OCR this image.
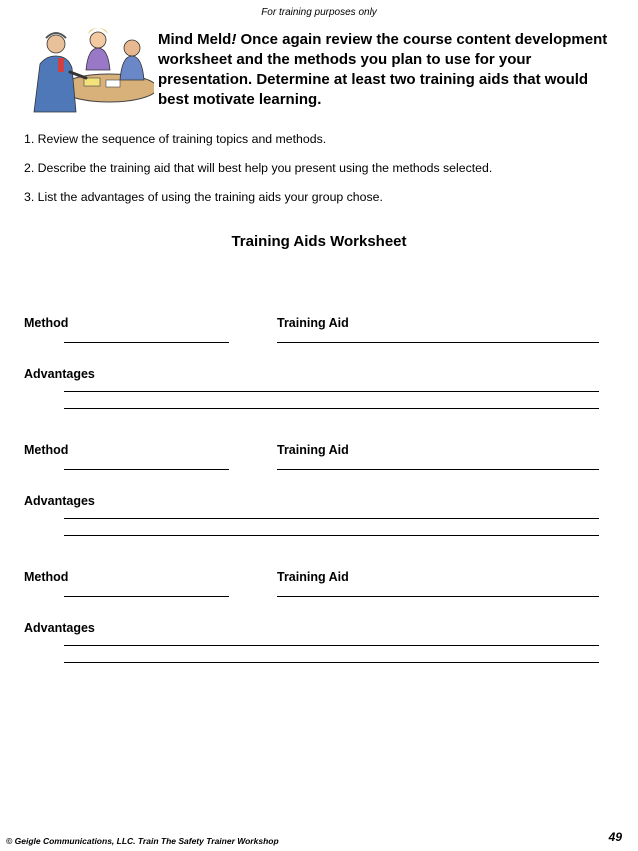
For training purposes only
Mind Meld! Once again review the course content development worksheet and the methods you plan to use for your presentation. Determine at least two training aids that would best motivate learning.
1. Review the sequence of training topics and methods.
2. Describe the training aid that will best help you present using the methods selected.
3. List the advantages of using the training aids your group chose.
Training Aids Worksheet
Method	Training Aid
Advantages
Method	Training Aid
Advantages
Method	Training Aid
Advantages
© Geigle Communications, LLC. Train The Safety Trainer Workshop	49
